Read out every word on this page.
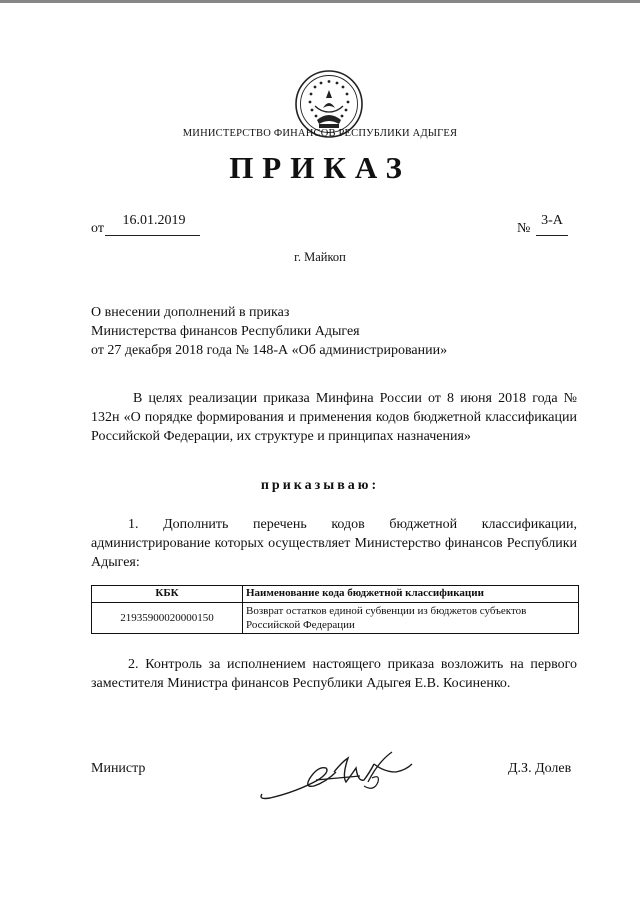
МИНИСТЕРСТВО ФИНАНСОВ РЕСПУБЛИКИ АДЫГЕЯ
ПРИКАЗ
от
16.01.2019
№
3-А
г. Майкоп
О внесении дополнений в приказ
Министерства финансов Республики Адыгея
от 27 декабря 2018 года № 148-А «Об администрировании»
В целях реализации приказа Минфина России от 8 июня 2018 года № 132н «О порядке формирования и применения кодов бюджетной классификации Российской Федерации, их структуре и принципах назначения»
приказываю:
1. Дополнить перечень кодов бюджетной классификации, администрирование которых осуществляет Министерство финансов Республики Адыгея:
КБК	Наименование кода бюджетной классификации
21935900020000150	Возврат остатков единой субвенции из бюджетов субъектов Российской Федерации
2. Контроль за исполнением настоящего приказа возложить на первого заместителя Министра финансов Республики Адыгея Е.В. Косиненко.
Министр	Д.З. Долев
